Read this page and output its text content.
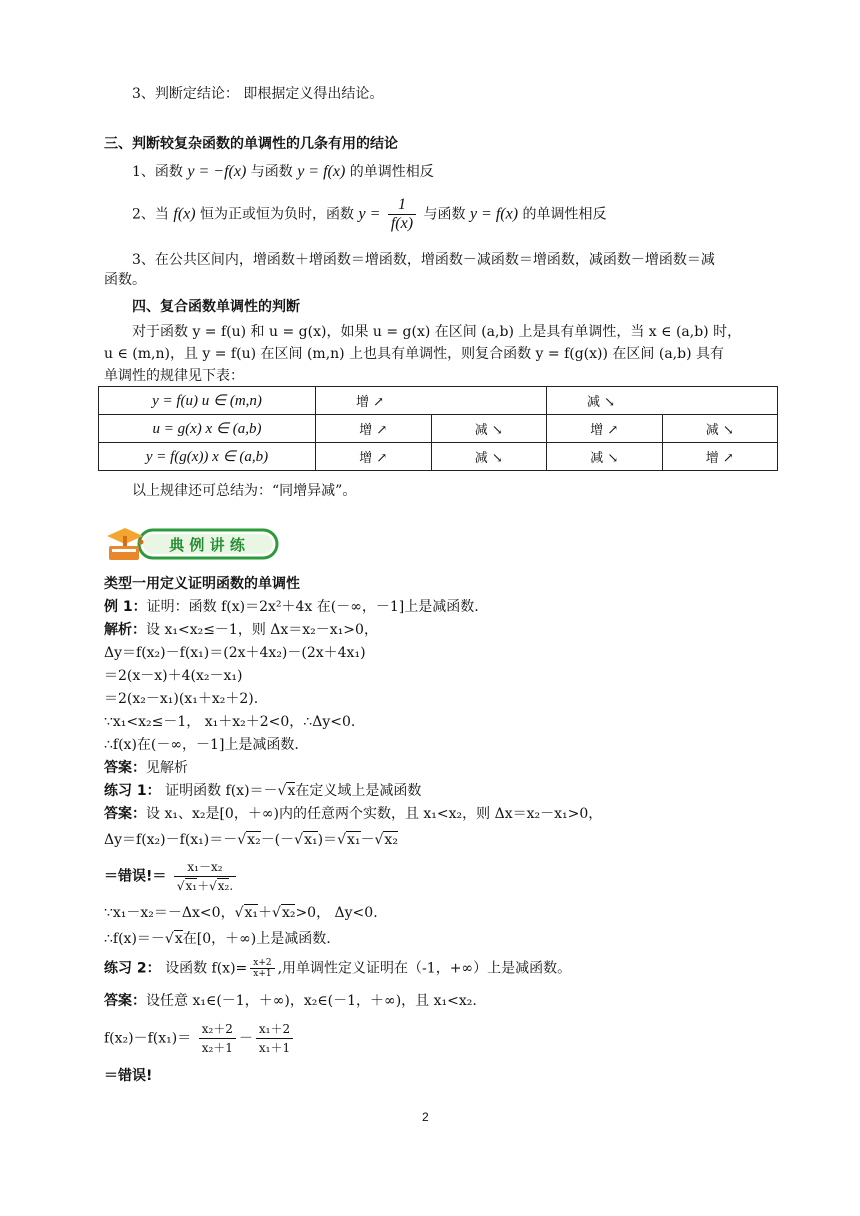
3、判断定结论： 即根据定义得出结论。
三、判断较复杂函数的单调性的几条有用的结论
1、函数 y = −f(x) 与函数 y = f(x) 的单调性相反
2、当 f(x) 恒为正或恒为负时，函数 $y = \frac{1}{f(x)}$ 与函数 y = f(x) 的单调性相反
3、在公共区间内，增函数＋增函数＝增函数，增函数－减函数＝增函数，减函数－增函数＝减
函数。
四、复合函数单调性的判断
对于函数 y = f(u) 和 u = g(x)，如果 u = g(x) 在区间 (a,b) 上是具有单调性，当 x ∈ (a,b) 时，
u ∈ (m,n)，且 y = f(u) 在区间 (m,n) 上也具有单调性，则复合函数 y = f(g(x)) 在区间 (a,b) 具有
单调性的规律见下表：
y = f(u) u ∈ (m,n)	增 ↗		减 ↘	
u = g(x) x ∈ (a,b)	增 ↗	减 ↘	增 ↗	减 ↘
y = f(g(x)) x ∈ (a,b)	增 ↗	减 ↘	减 ↘	增 ↗
以上规律还可总结为：“同增异减”。
典 例 讲 练
类型一用定义证明函数的单调性
例 1：证明：函数 f(x)＝2x²＋4x 在(－∞，－1]上是减函数.
解析：设 x₁<x₂≤－1，则 Δx＝x₂－x₁>0，
Δy＝f(x₂)－f(x₁)＝(2x＋4x₂)－(2x＋4x₁)
＝2(x－x)＋4(x₂－x₁)
＝2(x₂－x₁)(x₁＋x₂＋2).
∵x₁<x₂≤－1， x₁＋x₂＋2<0，∴Δy<0.
∴f(x)在(－∞，－1]上是减函数.
答案：见解析
练习 1： 证明函数 f(x)＝－√x在定义域上是减函数
答案：设 x₁、x₂是[0，＋∞)内的任意两个实数，且 x₁<x₂，则 Δx＝x₂－x₁>0，
Δy＝f(x₂)－f(x₁)＝－√x₂－(－√x₁)＝√x₁－√x₂
＝错误!＝ $\frac{\text{x₁－x₂}}{\text{√x₁＋√x₂.}}$
∵x₁－x₂＝－Δx<0，√x₁＋√x₂>0， Δy<0.
∴f(x)＝－√x在[0，＋∞)上是减函数.
练习 2： 设函数 $f(x)= \frac{x+2}{x+1}$ ,用单调性定义证明在（-1，+∞）上是减函数。
答案：设任意 x₁∈(－1，＋∞)，x₂∈(－1，＋∞)，且 x₁<x₂.
$f(x_2)-f(x_1)= \frac{\text{x₂＋2}}{\text{x₂＋1}} - \frac{\text{x₁＋2}}{\text{x₁＋1}}$
＝错误!
2
